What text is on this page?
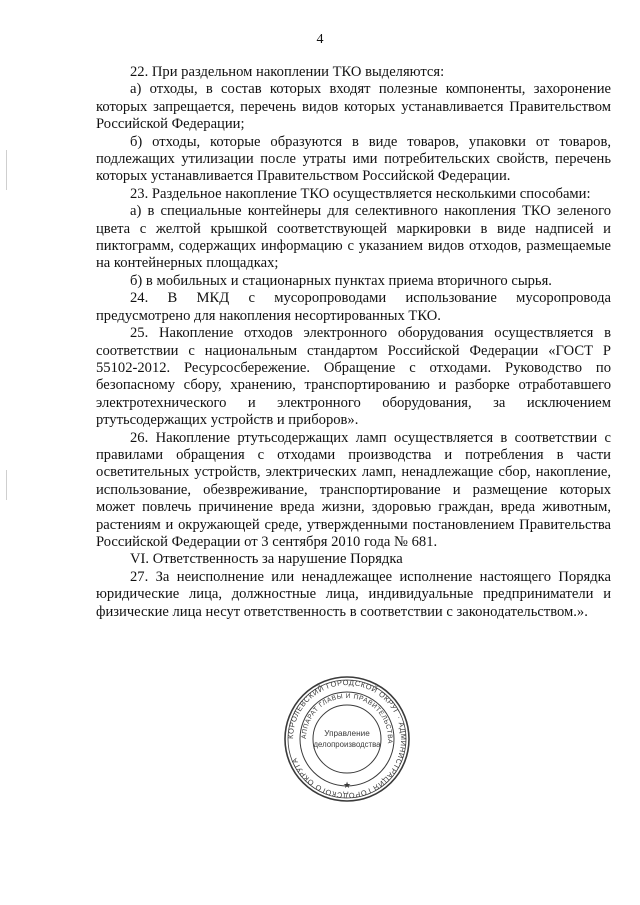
4

22. При раздельном накоплении ТКО выделяются:

а) отходы, в состав которых входят полезные компоненты, захоронение которых запрещается, перечень видов которых устанавливается Правительством Российской Федерации;

б) отходы, которые образуются в виде товаров, упаковки от товаров, подлежащих утилизации после утраты ими потребительских свойств, перечень которых устанавливается Правительством Российской Федерации.

23. Раздельное накопление ТКО осуществляется несколькими способами:

а) в специальные контейнеры для селективного накопления ТКО зеленого цвета с желтой крышкой соответствующей маркировки в виде надписей и пиктограмм, содержащих информацию с указанием видов отходов, размещаемые на контейнерных площадках;

б) в мобильных и стационарных пунктах приема вторичного сырья.

24. В МКД с мусоропроводами использование мусоропровода предусмотрено для накопления несортированных ТКО.

25. Накопление отходов электронного оборудования осуществляется в соответствии с национальным стандартом Российской Федерации «ГОСТ Р 55102-2012. Ресурсосбережение. Обращение с отходами. Руководство по безопасному сбору, хранению, транспортированию и разборке отработавшего электротехнического и электронного оборудования, за исключением ртутьсодержащих устройств и приборов».

26. Накопление ртутьсодержащих ламп осуществляется в соответствии с правилами обращения с отходами производства и потребления в части осветительных устройств, электрических ламп, ненадлежащие сбор, накопление, использование, обезвреживание, транспортирование и размещение которых может повлечь причинение вреда жизни, здоровью граждан, вреда животным, растениям и окружающей среде, утвержденными постановлением Правительства Российской Федерации от 3 сентября 2010 года № 681.

VI. Ответственность за нарушение Порядка

27. За неисполнение или ненадлежащее исполнение настоящего Порядка юридические лица, должностные лица, индивидуальные предприниматели и физические лица несут ответственность в соответствии с законодательством.».

КОРОЛЕВСКИЙ ГОРОДСКОЙ ОКРУГ · АДМИНИСТРАЦИЯ ГОРОДСКОГО ОКРУГА
АППАРАТ ГЛАВЫ И ПРАВИТЕЛЬСТВА
Управление
делопроизводства
★
